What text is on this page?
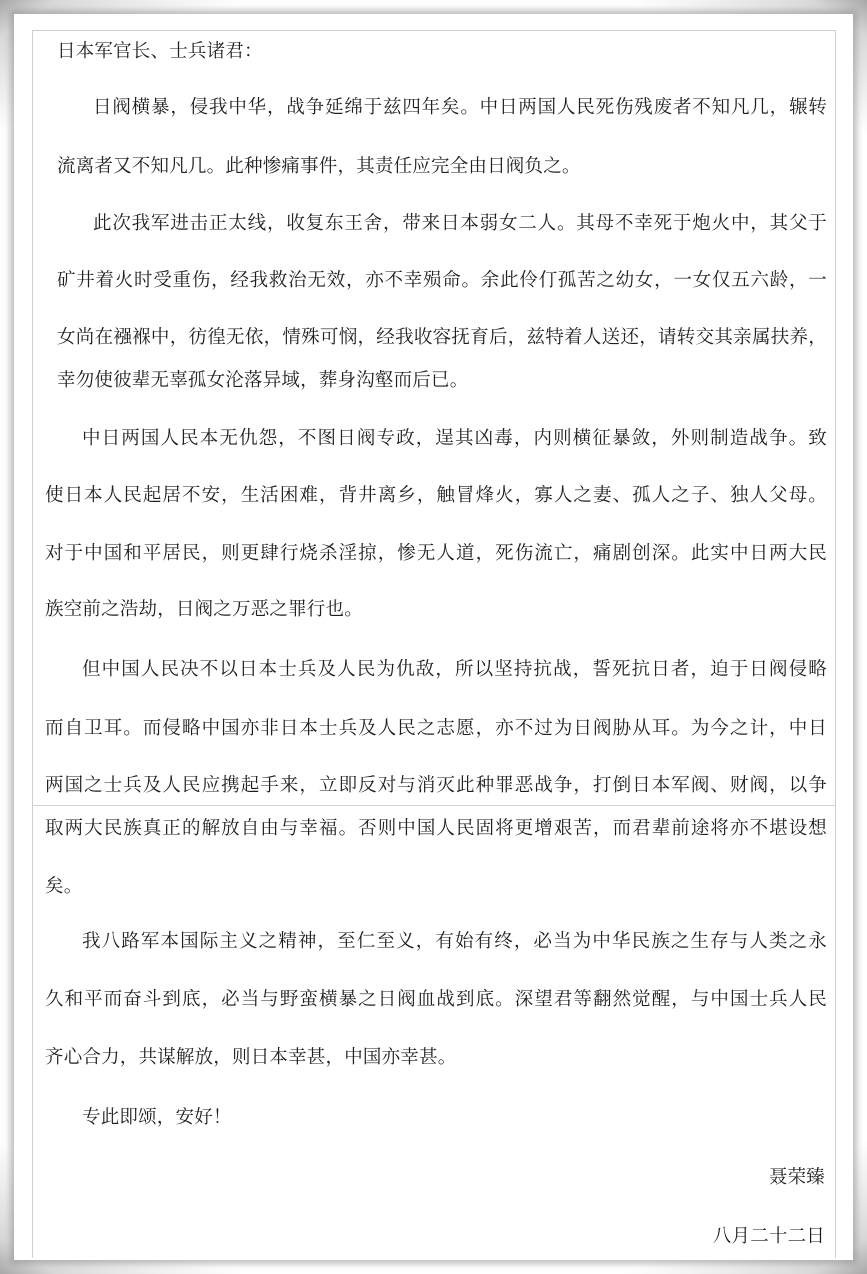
日本军官长、士兵诸君：
日阀横暴，侵我中华，战争延绵于兹四年矣。中日两国人民死伤残废者不知凡几，辗转
流离者又不知凡几。此种惨痛事件，其责任应完全由日阀负之。
此次我军进击正太线，收复东王舍，带来日本弱女二人。其母不幸死于炮火中，其父于
矿井着火时受重伤，经我救治无效，亦不幸殒命。余此伶仃孤苦之幼女，一女仅五六龄，一
女尚在襁褓中，彷徨无依，情殊可悯，经我收容抚育后，兹特着人送还，请转交其亲属扶养，
幸勿使彼辈无辜孤女沦落异域，葬身沟壑而后已。
中日两国人民本无仇怨，不图日阀专政，逞其凶毒，内则横征暴敛，外则制造战争。致
使日本人民起居不安，生活困难，背井离乡，触冒烽火，寡人之妻、孤人之子、独人父母。
对于中国和平居民，则更肆行烧杀淫掠，惨无人道，死伤流亡，痛剧创深。此实中日两大民
族空前之浩劫，日阀之万恶之罪行也。
但中国人民决不以日本士兵及人民为仇敌，所以坚持抗战，誓死抗日者，迫于日阀侵略
而自卫耳。而侵略中国亦非日本士兵及人民之志愿，亦不过为日阀胁从耳。为今之计，中日
两国之士兵及人民应携起手来，立即反对与消灭此种罪恶战争，打倒日本军阀、财阀，以争
取两大民族真正的解放自由与幸福。否则中国人民固将更增艰苦，而君辈前途将亦不堪设想
矣。
我八路军本国际主义之精神，至仁至义，有始有终，必当为中华民族之生存与人类之永
久和平而奋斗到底，必当与野蛮横暴之日阀血战到底。深望君等翻然觉醒，与中国士兵人民
齐心合力，共谋解放，则日本幸甚，中国亦幸甚。
专此即颂，安好！
聂荣臻
八月二十二日
